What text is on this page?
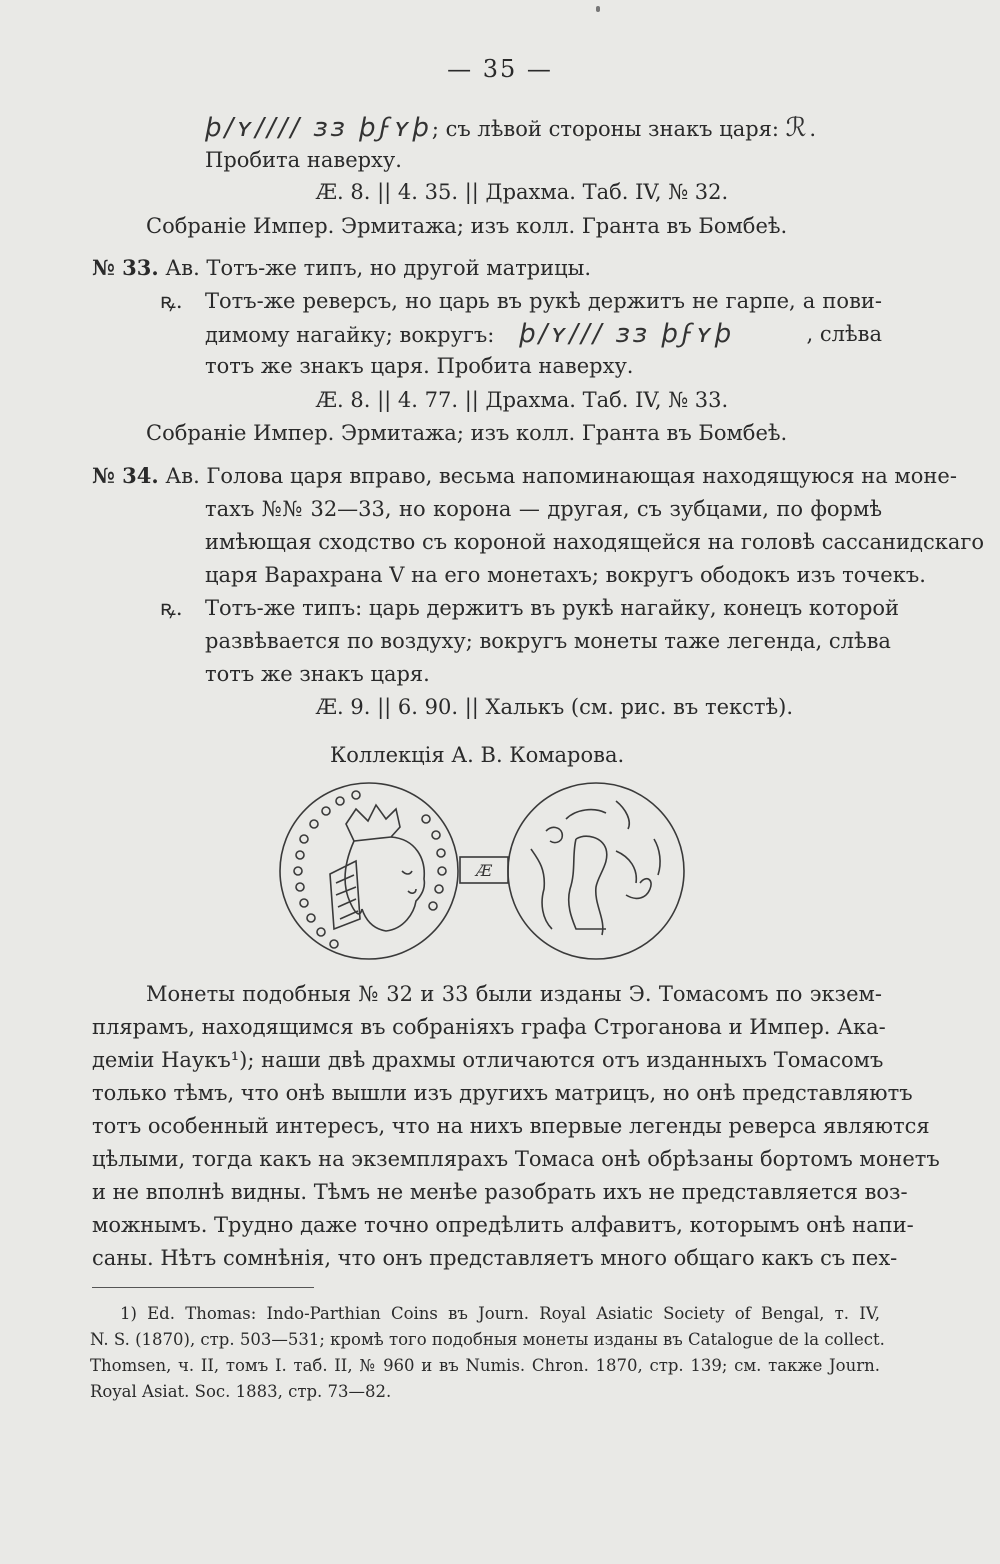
— 35 —
ϸ∕ʏ∕∕∕∕ ɜɜ ϸϝʏϸ; съ лѣвой стороны знакъ царя: ℛ.
Пробита наверху.
Æ. 8. || 4. 35. || Драхма. Таб. IV, № 32.
Собраніе Импер. Эрмитажа; изъ колл. Гранта въ Бомбеѣ.
№ 33. Ав. Тотъ-же типъ, но другой матрицы.
ꝶ. Тотъ-же реверсъ, но царь въ рукѣ держитъ не гарпе, а пови-
димому нагайку; вокругъ: ϸ∕ʏ∕∕∕ ɜɜ ϸϝʏϸ	, слѣва
тотъ же знакъ царя. Пробита наверху.
Æ. 8. || 4. 77. || Драхма. Таб. IV, № 33.
Собраніе Импер. Эрмитажа; изъ колл. Гранта въ Бомбеѣ.
№ 34. Ав. Голова царя вправо, весьма напоминающая находящуюся на моне-
тахъ №№ 32—33, но корона — другая, съ зубцами, по формѣ
имѣющая сходство съ короной находящейся на головѣ сассанидскаго
царя Варахрана V на его монетахъ; вокругъ ободокъ изъ точекъ.
ꝶ. Тотъ-же типъ: царь держитъ въ рукѣ нагайку, конецъ которой
развѣвается по воздуху; вокругъ монеты таже легенда, слѣва
тотъ же знакъ царя.
Æ. 9. || 6. 90. || Халькъ (см. рис. въ текстѣ).
Коллекція А. В. Комарова.
Æ
Монеты подобныя № 32 и 33 были изданы Э. Томасомъ по экзем-
плярамъ, находящимся въ собраніяхъ графа Строганова и Импер. Ака-
деміи Наукъ¹); наши двѣ драхмы отличаются отъ изданныхъ Томасомъ
только тѣмъ, что онѣ вышли изъ другихъ матрицъ, но онѣ представляютъ
тотъ особенный интересъ, что на нихъ впервые легенды реверса являются
цѣлыми, тогда какъ на экземплярахъ Томаса онѣ обрѣзаны бортомъ монетъ
и не вполнѣ видны. Тѣмъ не менѣе разобрать ихъ не представляется воз-
можнымъ. Трудно даже точно опредѣлить алфавитъ, которымъ онѣ напи-
саны. Нѣтъ сомнѣнія, что онъ представляетъ много общаго какъ съ пех-
1) Ed. Thomas: Indo-Parthian Coins въ Journ. Royal Asiatic Society of Bengal, т. IV,
N. S. (1870), стр. 503—531; кромѣ того подобныя монеты изданы въ Catalogue de la collect.
Thomsen, ч. II, томъ I. таб. II, № 960 и въ Numis. Chron. 1870, стр. 139; см. также Journ.
Royal Asiat. Soc. 1883, стр. 73—82.
